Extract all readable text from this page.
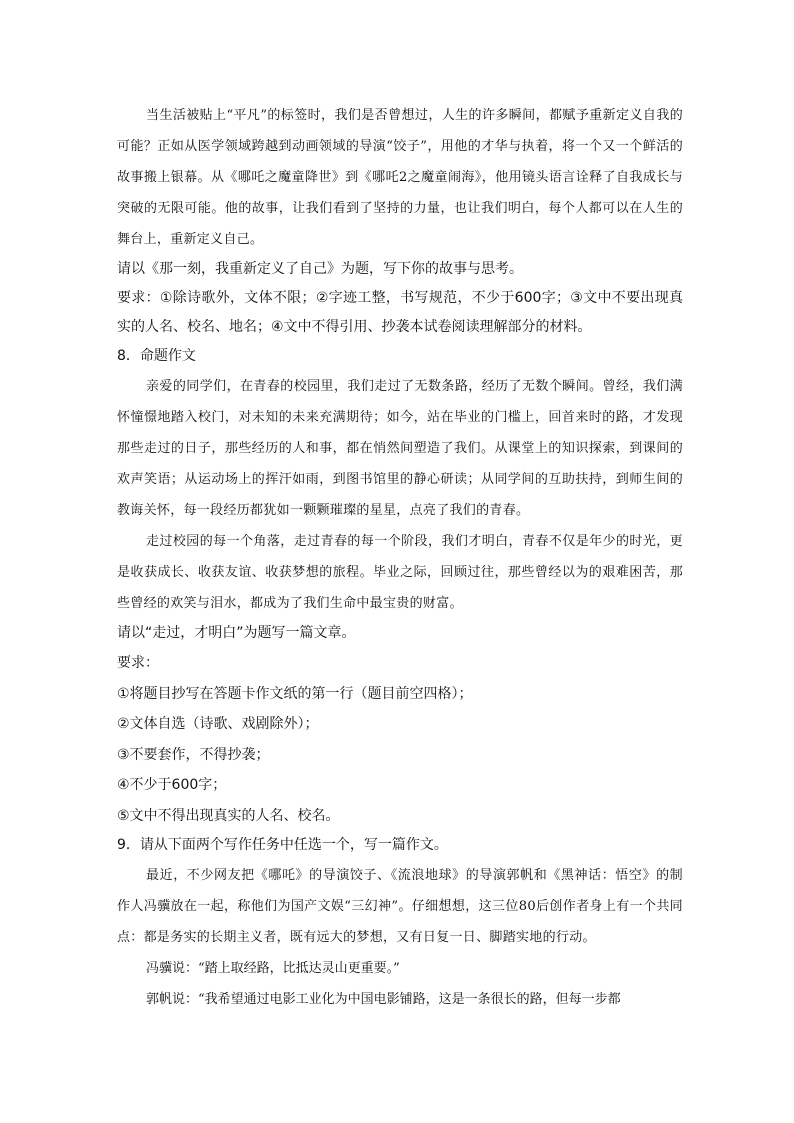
当生活被贴上“平凡”的标签时，我们是否曾想过，人生的许多瞬间，都赋予重新定义自我的可能？正如从医学领域跨越到动画领域的导演“饺子”，用他的才华与执着，将一个又一个鲜活的故事搬上银幕。从《哪吒之魔童降世》到《哪吒2之魔童闹海》，他用镜头语言诠释了自我成长与突破的无限可能。他的故事，让我们看到了坚持的力量，也让我们明白，每个人都可以在人生的舞台上，重新定义自己。

请以《那一刻，我重新定义了自己》为题，写下你的故事与思考。

要求：①除诗歌外，文体不限；②字迹工整，书写规范，不少于600字；③文中不要出现真实的人名、校名、地名；④文中不得引用、抄袭本试卷阅读理解部分的材料。

8．命题作文

亲爱的同学们，在青春的校园里，我们走过了无数条路，经历了无数个瞬间。曾经，我们满怀憧憬地踏入校门，对未知的未来充满期待；如今，站在毕业的门槛上，回首来时的路，才发现那些走过的日子，那些经历的人和事，都在悄然间塑造了我们。从课堂上的知识探索，到课间的欢声笑语；从运动场上的挥汗如雨，到图书馆里的静心研读；从同学间的互助扶持，到师生间的教诲关怀，每一段经历都犹如一颗颗璀璨的星星，点亮了我们的青春。

走过校园的每一个角落，走过青春的每一个阶段，我们才明白，青春不仅是年少的时光，更是收获成长、收获友谊、收获梦想的旅程。毕业之际，回顾过往，那些曾经以为的艰难困苦，那些曾经的欢笑与泪水，都成为了我们生命中最宝贵的财富。

请以“走过，才明白”为题写一篇文章。

要求：

①将题目抄写在答题卡作文纸的第一行（题目前空四格）；

②文体自选（诗歌、戏剧除外）；

③不要套作，不得抄袭；

④不少于600字；

⑤文中不得出现真实的人名、校名。

9．请从下面两个写作任务中任选一个，写一篇作文。

最近，不少网友把《哪吒》的导演饺子、《流浪地球》的导演郭帆和《黑神话：悟空》的制作人冯骥放在一起，称他们为国产文娱“三幻神”。仔细想想，这三位80后创作者身上有一个共同点：都是务实的长期主义者，既有远大的梦想，又有日复一日、脚踏实地的行动。

冯骥说：“踏上取经路，比抵达灵山更重要。”

郭帆说：“我希望通过电影工业化为中国电影铺路，这是一条很长的路，但每一步都
